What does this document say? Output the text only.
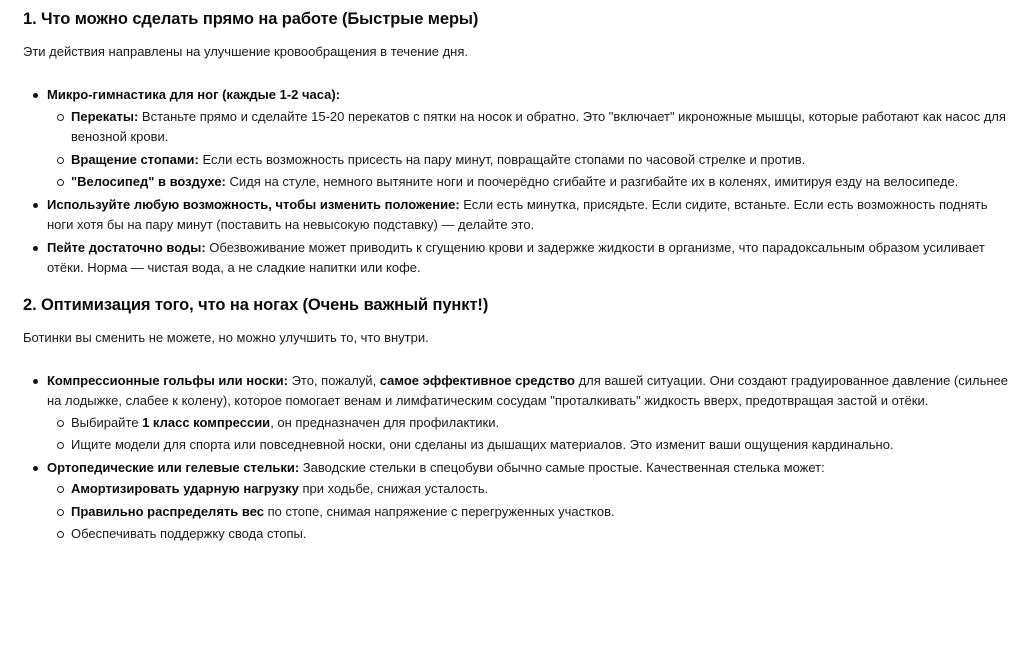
1. Что можно сделать прямо на работе (Быстрые меры)

Эти действия направлены на улучшение кровообращения в течение дня.

Микро-гимнастика для ног (каждые 1-2 часа):
Перекаты: Встаньте прямо и сделайте 15-20 перекатов с пятки на носок и обратно. Это "включает" икроножные мышцы, которые работают как насос для венозной крови.
Вращение стопами: Если есть возможность присесть на пару минут, повращайте стопами по часовой стрелке и против.
"Велосипед" в воздухе: Сидя на стуле, немного вытяните ноги и поочерёдно сгибайте и разгибайте их в коленях, имитируя езду на велосипеде.
Используйте любую возможность, чтобы изменить положение: Если есть минутка, присядьте. Если сидите, встаньте. Если есть возможность поднять ноги хотя бы на пару минут (поставить на невысокую подставку) — делайте это.
Пейте достаточно воды: Обезвоживание может приводить к сгущению крови и задержке жидкости в организме, что парадоксальным образом усиливает отёки. Норма — чистая вода, а не сладкие напитки или кофе.
2. Оптимизация того, что на ногах (Очень важный пункт!)

Ботинки вы сменить не можете, но можно улучшить то, что внутри.

Компрессионные гольфы или носки: Это, пожалуй, самое эффективное средство для вашей ситуации. Они создают градуированное давление (сильнее на лодыжке, слабее к колену), которое помогает венам и лимфатическим сосудам "проталкивать" жидкость вверх, предотвращая застой и отёки.
Выбирайте 1 класс компрессии, он предназначен для профилактики.
Ищите модели для спорта или повседневной носки, они сделаны из дышащих материалов. Это изменит ваши ощущения кардинально.
Ортопедические или гелевые стельки: Заводские стельки в спецобуви обычно самые простые. Качественная стелька может:
Амортизировать ударную нагрузку при ходьбе, снижая усталость.
Правильно распределять вес по стопе, снимая напряжение с перегруженных участков.
Обеспечивать поддержку свода стопы.
